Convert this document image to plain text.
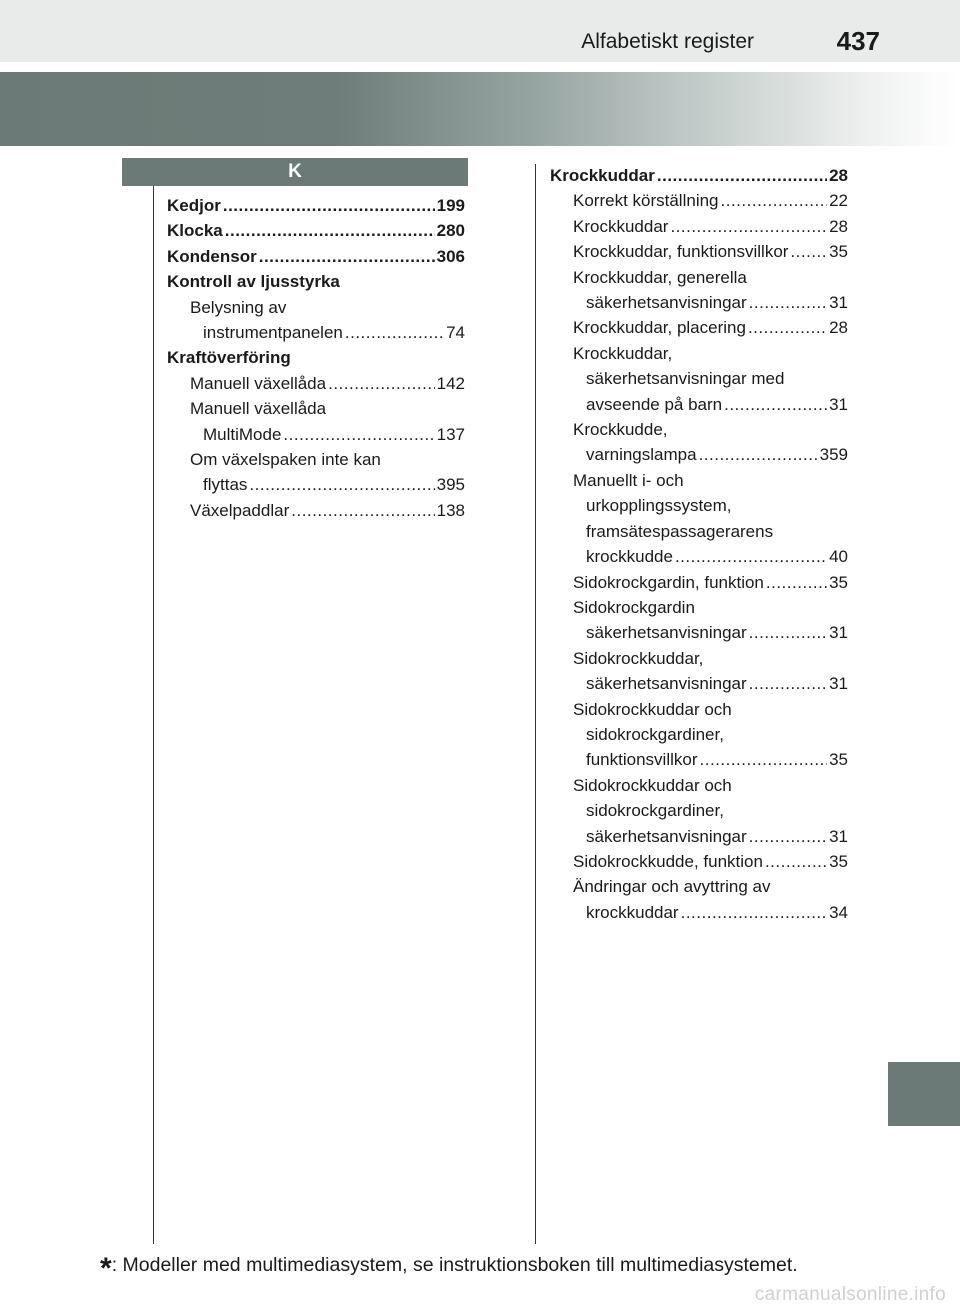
Alfabetiskt register	437
K
Kedjor .....	199
Klocka .....	280
Kondensor .....	306
Kontroll av ljusstyrka
Belysning av
instrumentpanelen .....	74
Kraftöverföring
Manuell växellåda .....	142
Manuell växellåda
MultiMode .....	137
Om växelspaken inte kan
flyttas .....	395
Växelpaddlar .....	138
Krockkuddar .....	28
Korrekt körställning .....	22
Krockkuddar .....	28
Krockkuddar, funktionsvillkor ..... 35
Krockkuddar, generella
säkerhetsanvisningar .....	31
Krockkuddar, placering .....	28
Krockkuddar,
säkerhetsanvisningar med
avseende på barn .....	31
Krockkudde,
varningslampa .....	359
Manuellt i- och
urkopplingssystem,
framsätespassagerarens
krockkudde .....	40
Sidokrockgardin, funktion .....	35
Sidokrockgardin
säkerhetsanvisningar .....	31
Sidokrockkuddar,
säkerhetsanvisningar .....	31
Sidokrockkuddar och
sidokrockgardiner,
funktionsvillkor .....	35
Sidokrockkuddar och
sidokrockgardiner,
säkerhetsanvisningar .....	31
Sidokrockkudde, funktion .....	35
Ändringar och avyttring av
krockkuddar .....	34
*: Modeller med multimediasystem, se instruktionsboken till multimediasystemet.
carmanualsonline.info
